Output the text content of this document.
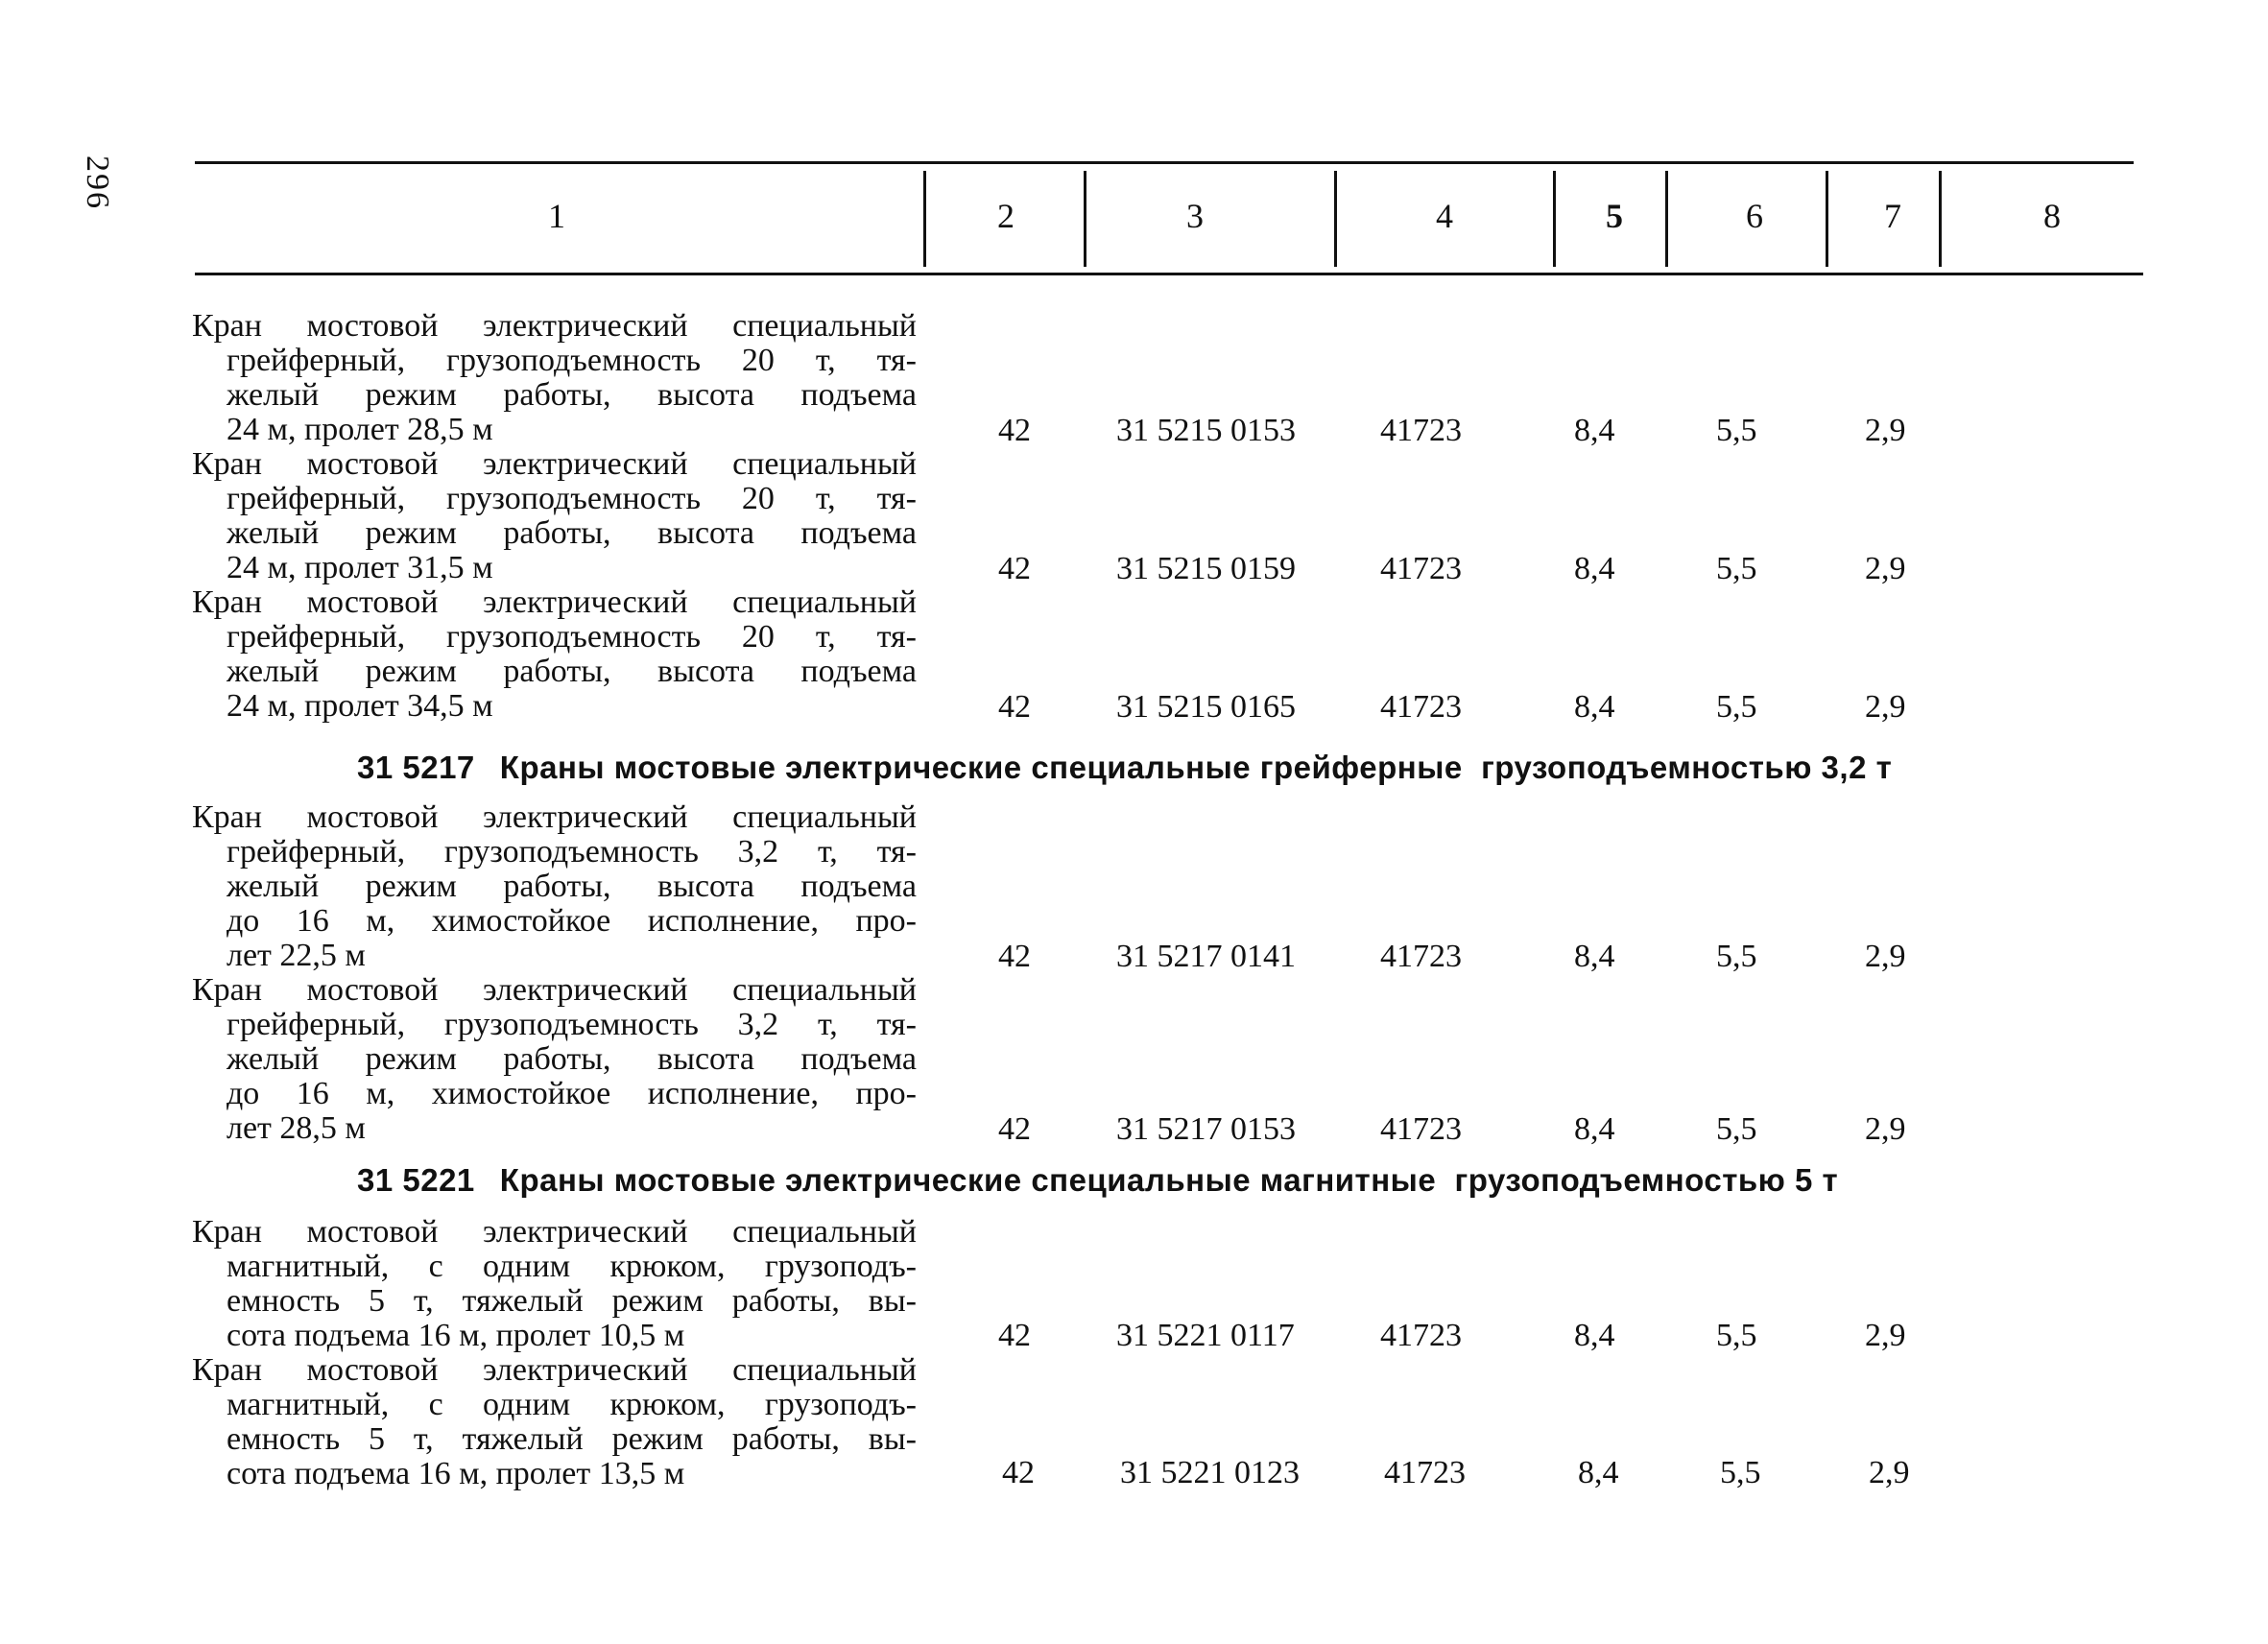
296
1	2	3	4	5	6	7	8
Кран мостовой электрический специальный
грейферный, грузоподъемность 20 т, тя-
желый режим работы, высота подъема
24 м, пролет 28,5 м	42	31 5215 0153	41723	8,4	5,5	2,9
Кран мостовой электрический специальный
грейферный, грузоподъемность 20 т, тя-
желый режим работы, высота подъема
24 м, пролет 31,5 м	42	31 5215 0159	41723	8,4	5,5	2,9
Кран мостовой электрический специальный
грейферный, грузоподъемность 20 т, тя-
желый режим работы, высота подъема
24 м, пролет 34,5 м	42	31 5215 0165	41723	8,4	5,5	2,9
31 5217 Краны мостовые электрические специальные грейферные  грузоподъемностью 3,2 т
Кран мостовой электрический специальный
грейферный, грузоподъемность 3,2 т, тя-
желый режим работы, высота подъема
до 16 м, химостойкое исполнение, про-
лет 22,5 м	42	31 5217 0141	41723	8,4	5,5	2,9
Кран мостовой электрический специальный
грейферный, грузоподъемность 3,2 т, тя-
желый режим работы, высота подъема
до 16 м, химостойкое исполнение, про-
лет 28,5 м	42	31 5217 0153	41723	8,4	5,5	2,9
31 5221 Краны мостовые электрические специальные магнитные  грузоподъемностью 5 т
Кран мостовой электрический специальный
магнитный, с одним крюком, грузоподъ-
емность 5 т, тяжелый режим работы, вы-
сота подъема 16 м, пролет 10,5 м	42	31 5221 0117	41723	8,4	5,5	2,9
Кран мостовой электрический специальный
магнитный, с одним крюком, грузоподъ-
емность 5 т, тяжелый режим работы, вы-
сота подъема 16 м, пролет 13,5 м	42	31 5221 0123	41723	8,4	5,5	2,9
